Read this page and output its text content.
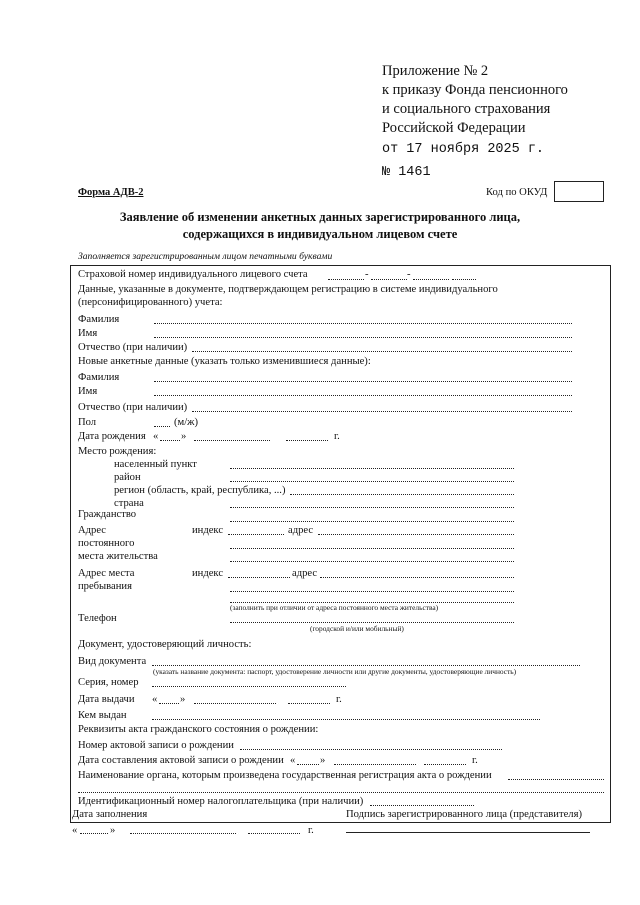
Приложение № 2
к приказу Фонда пенсионного
и социального страхования
Российской Федерации
от 17 ноября 2025 г.
№ 1461
Форма АДВ-2	Код по ОКУД
Заявление об изменении анкетных данных зарегистрированного лица,
содержащихся в индивидуальном лицевом счете
Заполняется зарегистрированным лицом печатными буквами
Страховой номер индивидуального лицевого счета	-	-
Данные, указанные в документе, подтверждающем регистрацию в системе индивидуального
(персонифицированного) учета:
Фамилия
Имя
Отчество (при наличии)
Новые анкетные данные (указать только изменившиеся данные):
Фамилия
Имя
Отчество (при наличии)
Пол	(м/ж)
Дата рождения « »	г.
Место рождения:
населенный пункт
район
регион (область, край, республика, ...)
страна
Гражданство
Адрес
постоянного
места жительства
индекс	адрес
Адрес места
пребывания
индекс	адрес
(заполнить при отличии от адреса постоянного места жительства)
Телефон
(городской и/или мобильный)
Документ, удостоверяющий личность:
Вид документа
(указать название документа: паспорт, удостоверение личности или другие документы, удостоверяющие личность)
Серия, номер
Дата выдачи « »	г.
Кем выдан
Реквизиты акта гражданского состояния о рождении:
Номер актовой записи о рождении
Дата составления актовой записи о рождении « »	г.
Наименование органа, которым произведена государственная регистрация акта о рождении
Идентификационный номер налогоплательщика (при наличии)
Дата заполнения
«	»	г.
Подпись зарегистрированного лица (представителя)
